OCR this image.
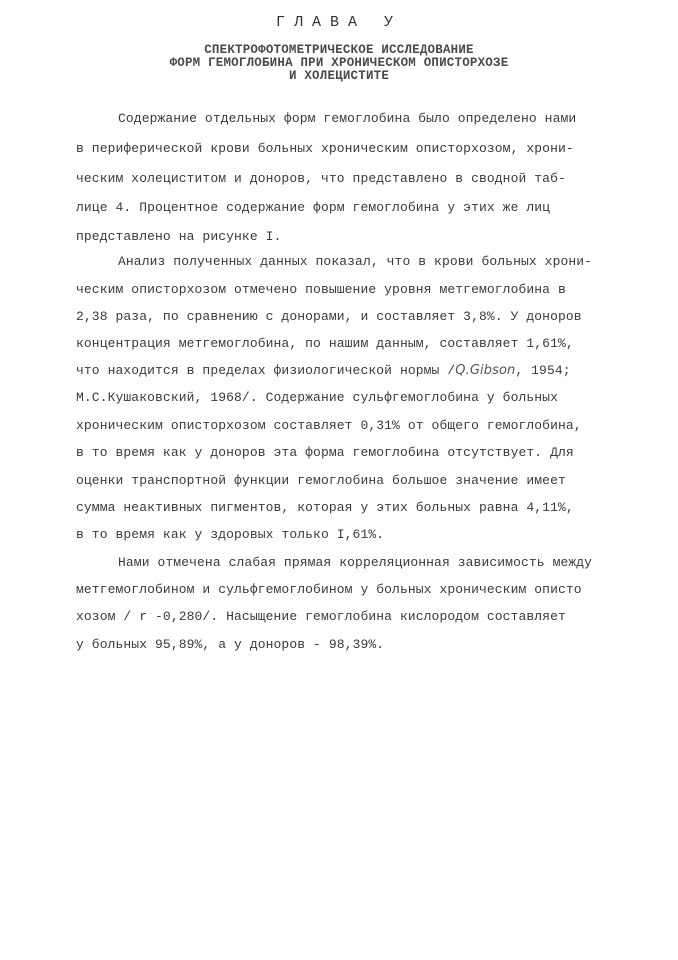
ГЛАВА У
СПЕКТРОФОТОМЕТРИЧЕСКОЕ ИССЛЕДОВАНИЕ
ФОРМ ГЕМОГЛОБИНА ПРИ ХРОНИЧЕСКОМ ОПИСТОРХОЗЕ
И ХОЛЕЦИСТИТЕ
Содержание отдельных форм гемоглобина было определено нами
в периферической крови больных хроническим описторхозом, хрони-
ческим холециститом и доноров, что представлено в сводной таб-
лице 4. Процентное содержание форм гемоглобина у этих же лиц
представлено на рисунке I.
Анализ полученных данных показал, что в крови больных хрони-
ческим описторхозом отмечено повышение уровня метгемоглобина в
2,38 раза, по сравнению с донорами, и составляет 3,8%. У доноров
концентрация метгемоглобина, по нашим данным, составляет 1,61%,
что находится в пределах физиологической нормы /Q.Gibson, 1954;
М.С.Кушаковский, 1968/. Содержание сульфгемоглобина у больных
хроническим описторхозом составляет 0,31% от общего гемоглобина,
в то время как у доноров эта форма гемоглобина отсутствует. Для
оценки транспортной функции гемоглобина большое значение имеет
сумма неактивных пигментов, которая у этих больных равна 4,11%,
в то время как у здоровых только I,61%.
Нами отмечена слабая прямая корреляционная зависимость между
метгемоглобином и сульфгемоглобином у больных хроническим описто
хозом / r -0,280/. Насыщение гемоглобина кислородом составляет
у больных 95,89%, а у доноров - 98,39%.
